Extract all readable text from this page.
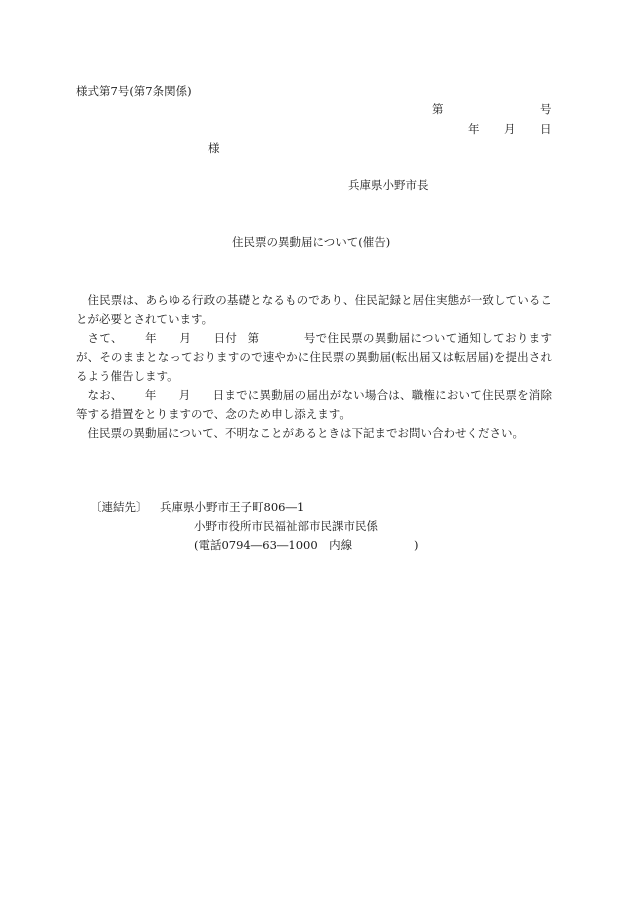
様式第7号(第7条関係)
第	号
年 月 日
様
兵庫県小野市長
住民票の異動届について(催告)

住民票は、あらゆる行政の基礎となるものであり、住民記録と居住実態が一致していることが必要とされています。

さて、 年 月 日付 第	号で住民票の異動届について通知しておりますが、そのままとなっておりますので速やかに住民票の異動届(転出届又は転居届)を提出されるよう催告します。

なお、 年 月 日までに異動届の届出がない場合は、職権において住民票を消除等する措置をとりますので、念のため申し添えます。

住民票の異動届について、不明なことがあるときは下記までお問い合わせください。

〔連結先〕 兵庫県小野市王子町806―1
小野市役所市民福祉部市民課市民係
(電話0794―63―1000　内線	)
